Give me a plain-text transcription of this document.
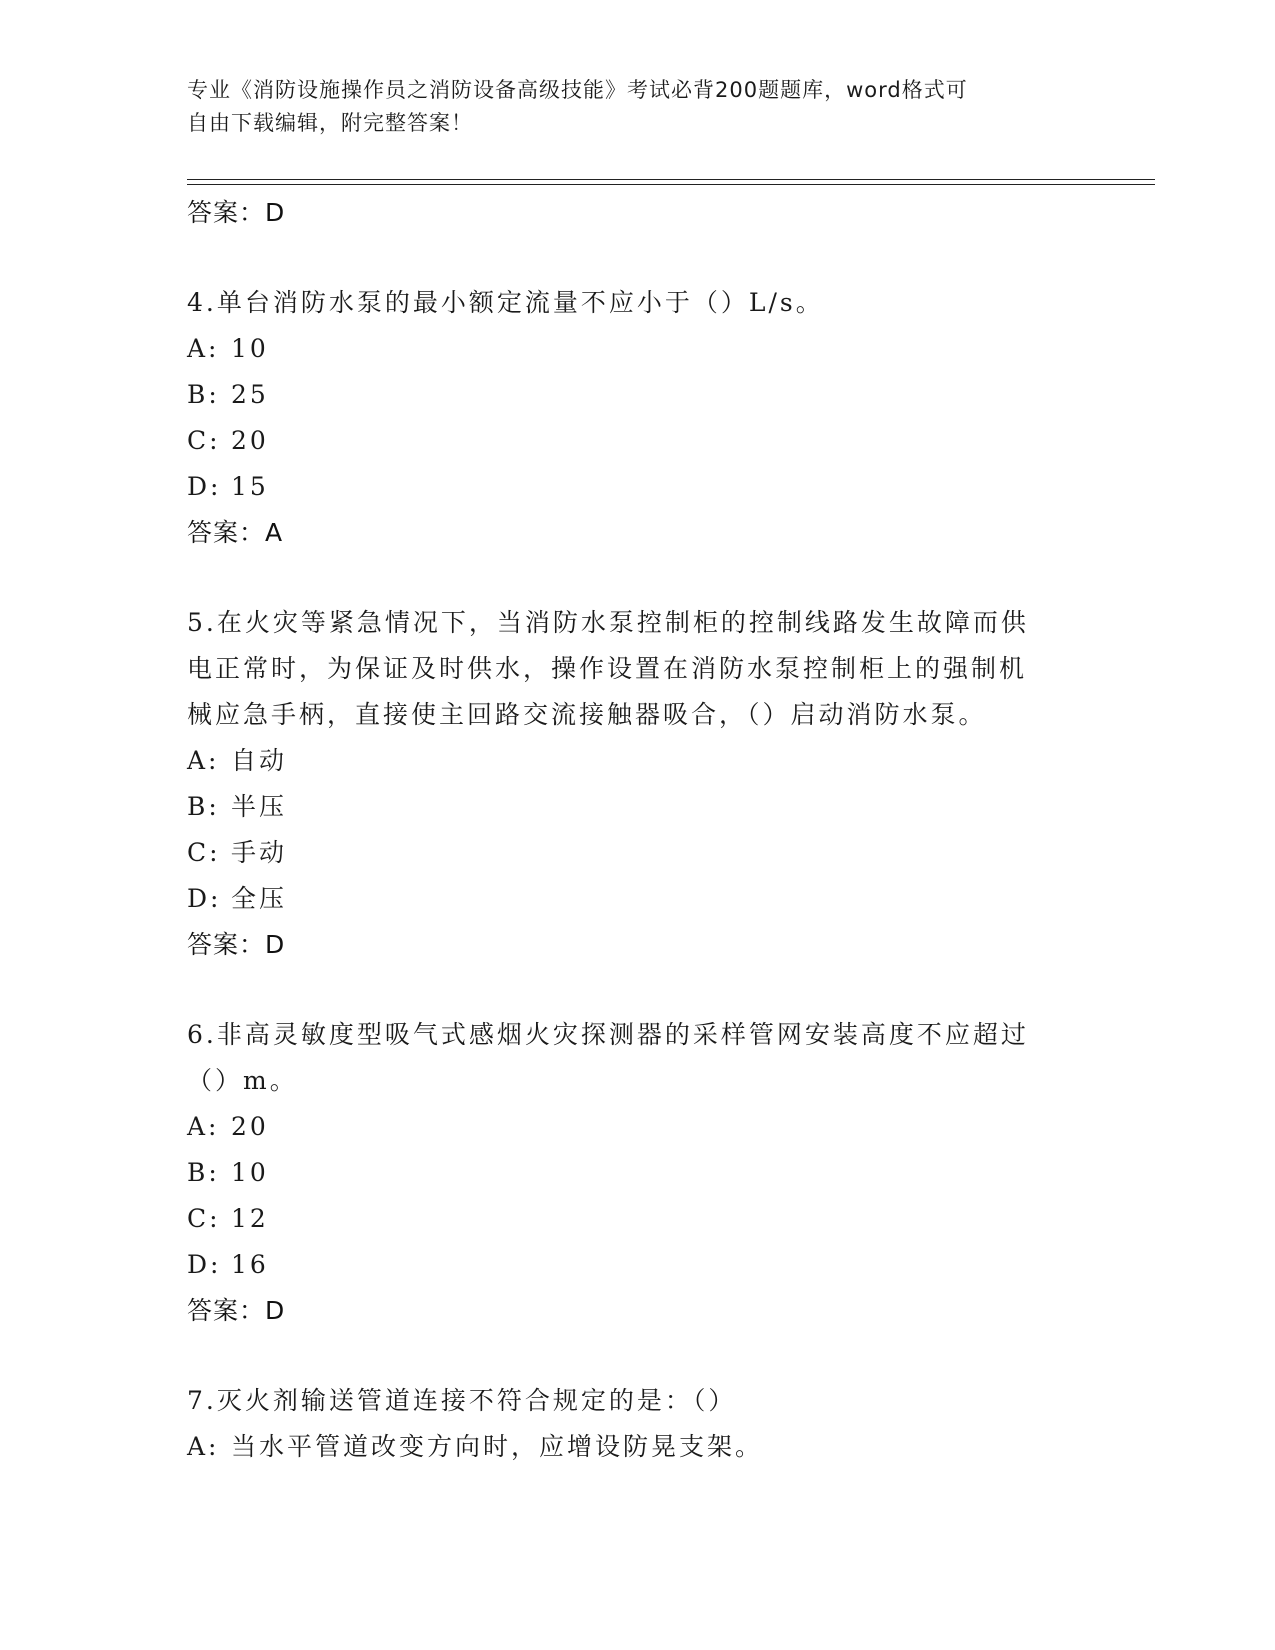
专业《消防设施操作员之消防设备高级技能》考试必背200题题库，word格式可
自由下载编辑，附完整答案！
答案：D
4.单台消防水泵的最小额定流量不应小于（）L/s。
A: 10
B: 25
C: 20
D: 15
答案：A
5.在火灾等紧急情况下，当消防水泵控制柜的控制线路发生故障而供
电正常时，为保证及时供水，操作设置在消防水泵控制柜上的强制机
械应急手柄，直接使主回路交流接触器吸合，（）启动消防水泵。
A: 自动
B: 半压
C: 手动
D: 全压
答案：D
6.非高灵敏度型吸气式感烟火灾探测器的采样管网安装高度不应超过
（）m。
A: 20
B: 10
C: 12
D: 16
答案：D
7.灭火剂输送管道连接不符合规定的是：（）
A: 当水平管道改变方向时，应增设防晃支架。
